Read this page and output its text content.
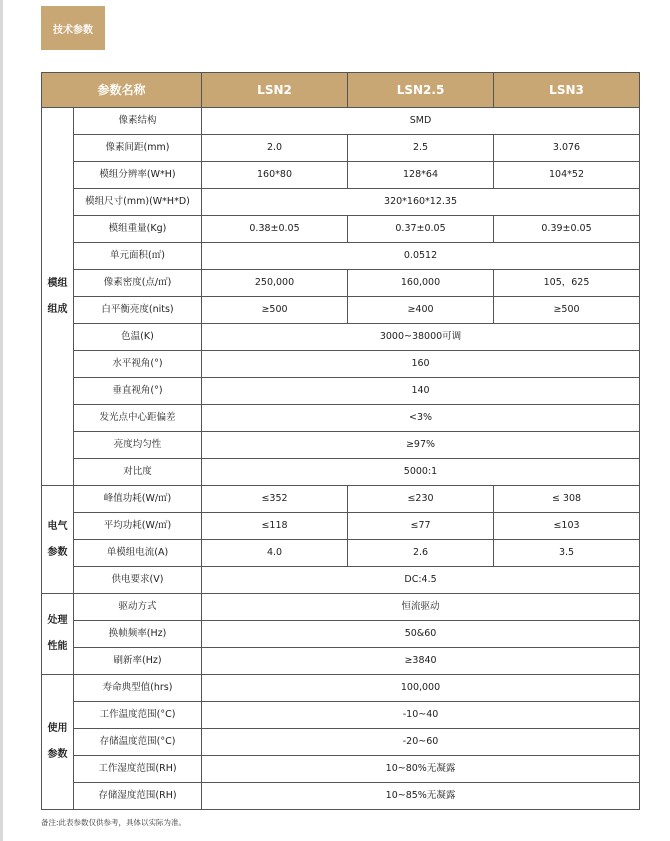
技术参数
参数名称		LSN2	LSN2.5	LSN3

模组
组成	像素结构	SMD		
	像素间距(mm)	2.0	2.5	3.076
	模组分辨率(W*H)	160*80	128*64	104*52
	模组尺寸(mm)(W*H*D)	320*160*12.35		
	模组重量(Kg)	0.38±0.05	0.37±0.05	0.39±0.05
	单元面积(㎡)	0.0512		
	像素密度(点/㎡)	250,000	160,000	105，625
	白平衡亮度(nits)	≥500	≥400	≥500
	色温(K)	3000~38000可调		
	水平视角(°)	160		
	垂直视角(°)	140		
	发光点中心距偏差	<3%		
	亮度均匀性	≥97%		
	对比度	5000:1		

电气
参数	峰值功耗(W/㎡)	≤352	≤230	≤ 308
	平均功耗(W/㎡)	≤118	≤77	≤103
	单模组电流(A)	4.0	2.6	3.5
	供电要求(V)	DC:4.5		

处理
性能	驱动方式	恒流驱动		
	换帧频率(Hz)	50&60		
	刷新率(Hz)	≥3840		

使用
参数	寿命典型值(hrs)	100,000		
	工作温度范围(°C)	-10~40		
	存储温度范围(°C)	-20~60		
	工作湿度范围(RH)	10~80%无凝露		
	存储湿度范围(RH)	10~85%无凝露		
备注:此表参数仅供参考，具体以实际为准。
